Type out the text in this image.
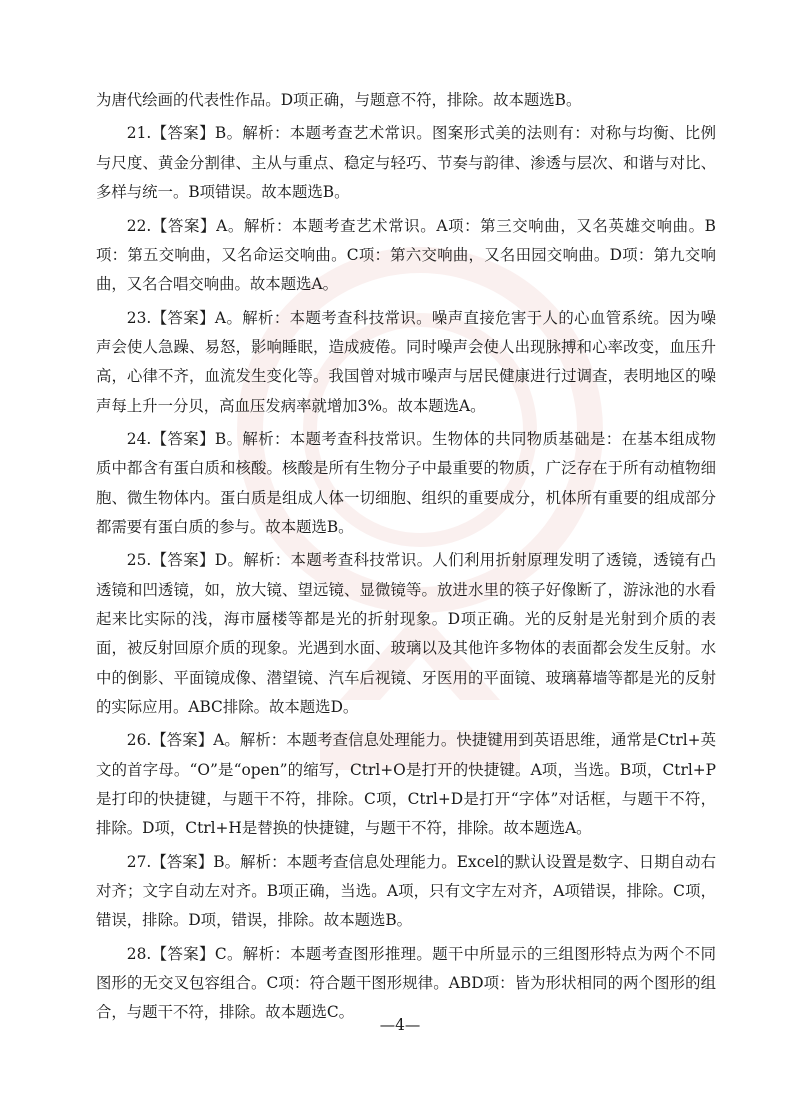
为唐代绘画的代表性作品。D项正确，与题意不符，排除。故本题选B。

21.【答案】B。解析：本题考查艺术常识。图案形式美的法则有：对称与均衡、比例与尺度、黄金分割律、主从与重点、稳定与轻巧、节奏与韵律、渗透与层次、和谐与对比、多样与统一。B项错误。故本题选B。

22.【答案】A。解析：本题考查艺术常识。A项：第三交响曲，又名英雄交响曲。B项：第五交响曲，又名命运交响曲。C项：第六交响曲，又名田园交响曲。D项：第九交响曲，又名合唱交响曲。故本题选A。

23.【答案】A。解析：本题考查科技常识。噪声直接危害于人的心血管系统。因为噪声会使人急躁、易怒，影响睡眠，造成疲倦。同时噪声会使人出现脉搏和心率改变，血压升高，心律不齐，血流发生变化等。我国曾对城市噪声与居民健康进行过调查，表明地区的噪声每上升一分贝，高血压发病率就增加3%。故本题选A。

24.【答案】B。解析：本题考查科技常识。生物体的共同物质基础是：在基本组成物质中都含有蛋白质和核酸。核酸是所有生物分子中最重要的物质，广泛存在于所有动植物细胞、微生物体内。蛋白质是组成人体一切细胞、组织的重要成分，机体所有重要的组成部分都需要有蛋白质的参与。故本题选B。

25.【答案】D。解析：本题考查科技常识。人们利用折射原理发明了透镜，透镜有凸透镜和凹透镜，如，放大镜、望远镜、显微镜等。放进水里的筷子好像断了，游泳池的水看起来比实际的浅，海市蜃楼等都是光的折射现象。D项正确。光的反射是光射到介质的表面，被反射回原介质的现象。光遇到水面、玻璃以及其他许多物体的表面都会发生反射。水中的倒影、平面镜成像、潜望镜、汽车后视镜、牙医用的平面镜、玻璃幕墙等都是光的反射的实际应用。ABC排除。故本题选D。

26.【答案】A。解析：本题考查信息处理能力。快捷键用到英语思维，通常是Ctrl+英文的首字母。“O”是“open”的缩写，Ctrl+O是打开的快捷键。A项，当选。B项，Ctrl+P是打印的快捷键，与题干不符，排除。C项，Ctrl+D是打开“字体”对话框，与题干不符，排除。D项，Ctrl+H是替换的快捷键，与题干不符，排除。故本题选A。

27.【答案】B。解析：本题考查信息处理能力。Excel的默认设置是数字、日期自动右对齐；文字自动左对齐。B项正确，当选。A项，只有文字左对齐，A项错误，排除。C项，错误，排除。D项，错误，排除。故本题选B。

28.【答案】C。解析：本题考查图形推理。题干中所显示的三组图形特点为两个不同图形的无交叉包容组合。C项：符合题干图形规律。ABD项：皆为形状相同的两个图形的组合，与题干不符，排除。故本题选C。

—4—
